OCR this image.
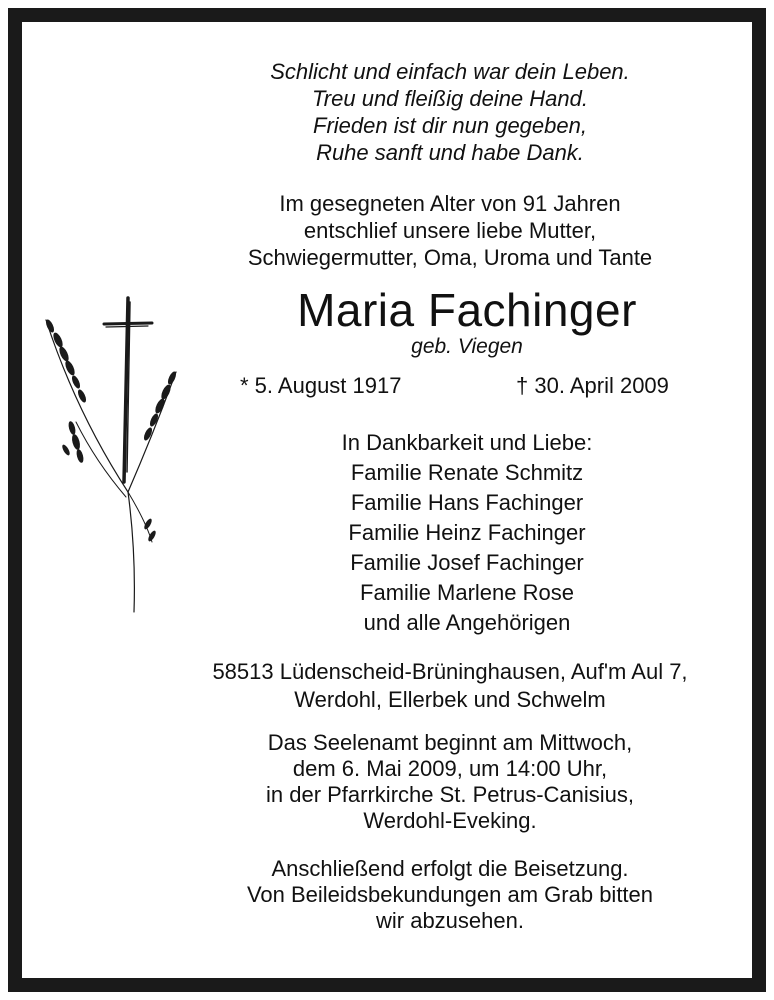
Schlicht und einfach war dein Leben.
Treu und fleißig deine Hand.
Frieden ist dir nun gegeben,
Ruhe sanft und habe Dank.
Im gesegneten Alter von 91 Jahren
entschlief unsere liebe Mutter,
Schwiegermutter, Oma, Uroma und Tante
Maria Fachinger
geb. Viegen
* 5. August 1917	† 30. April 2009
In Dankbarkeit und Liebe:
Familie Renate Schmitz
Familie Hans Fachinger
Familie Heinz Fachinger
Familie Josef Fachinger
Familie Marlene Rose
und alle Angehörigen
58513 Lüdenscheid-Brüninghausen, Auf'm Aul 7,
Werdohl, Ellerbek und Schwelm
Das Seelenamt beginnt am Mittwoch,
dem 6. Mai 2009, um 14:00 Uhr,
in der Pfarrkirche St. Petrus-Canisius,
Werdohl-Eveking.
Anschließend erfolgt die Beisetzung.
Von Beileidsbekundungen am Grab bitten
wir abzusehen.
